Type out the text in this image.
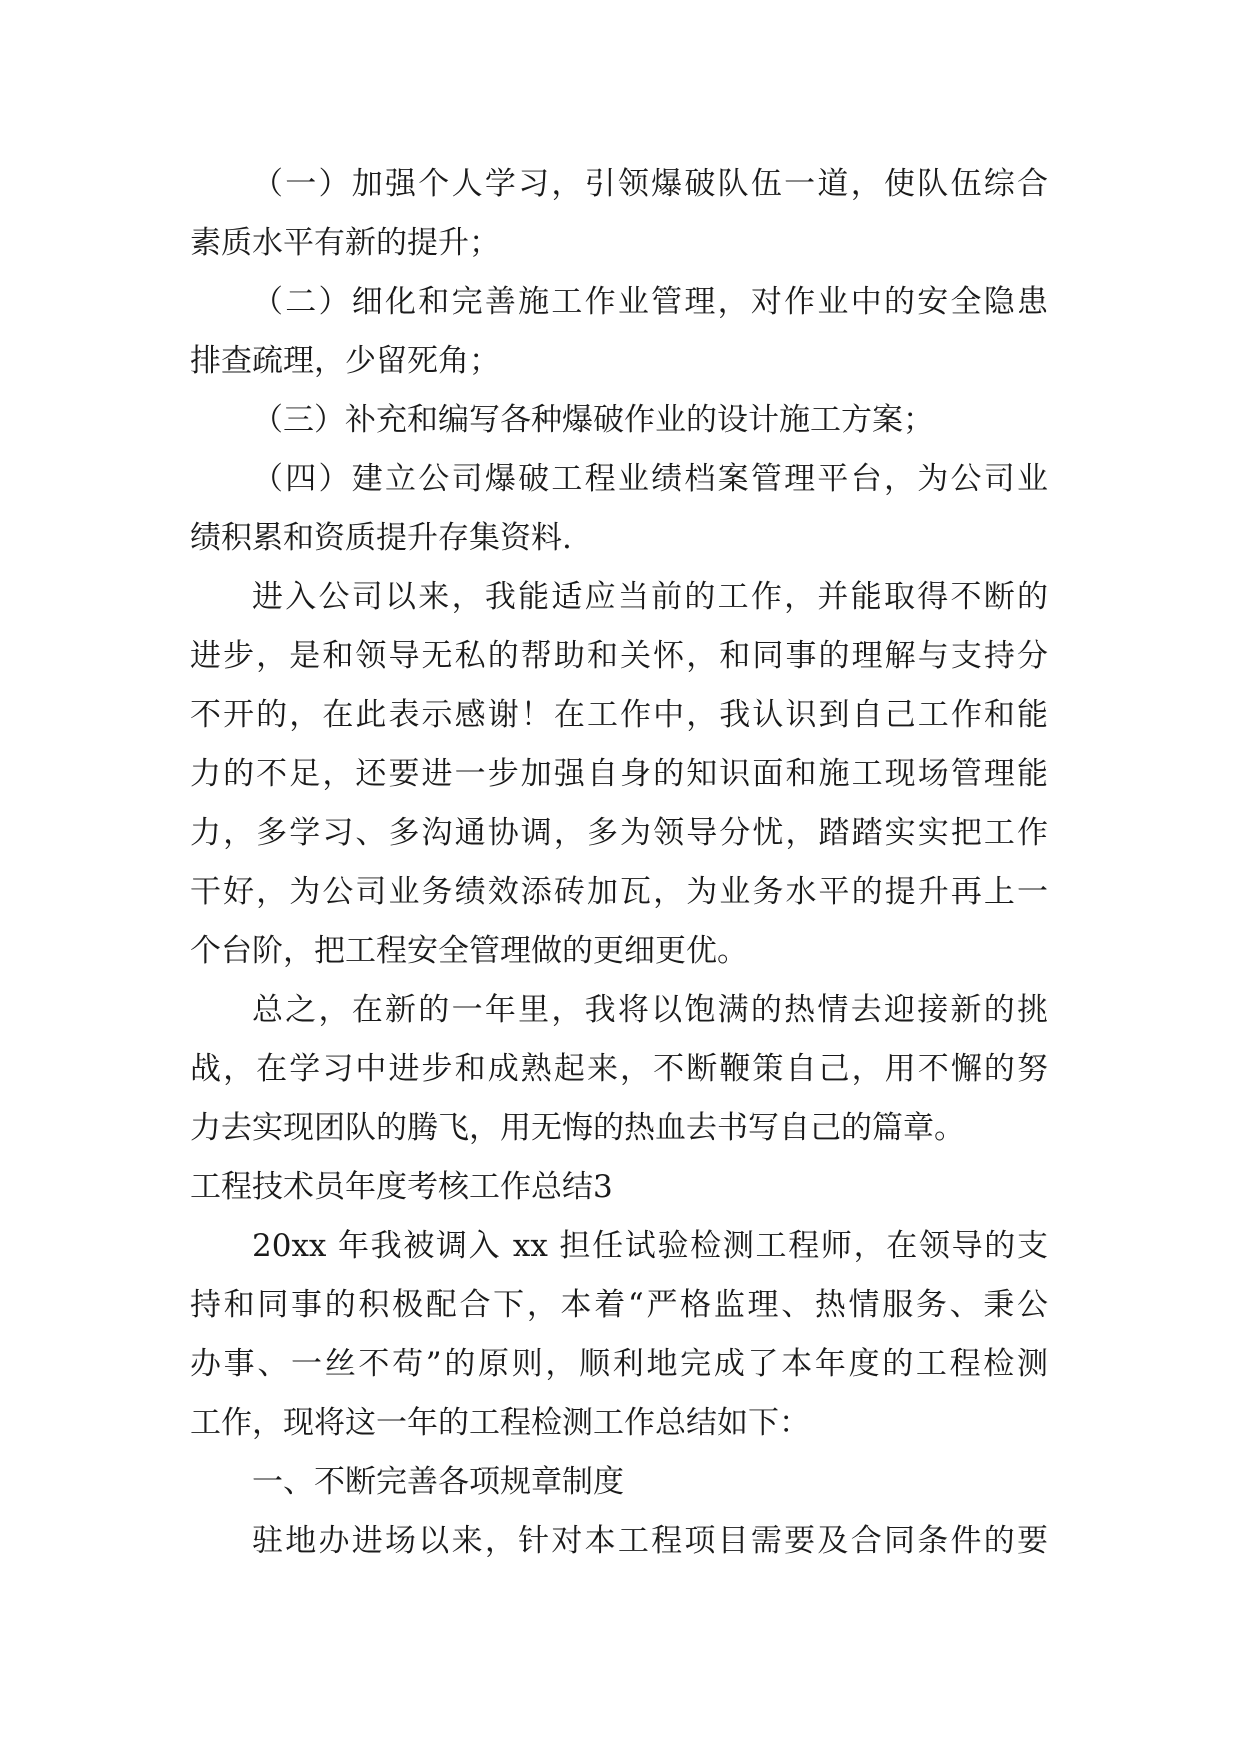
（一）加强个人学习，引领爆破队伍一道，使队伍综合
素质水平有新的提升；
（二）细化和完善施工作业管理，对作业中的安全隐患
排查疏理，少留死角；
（三）补充和编写各种爆破作业的设计施工方案；
（四）建立公司爆破工程业绩档案管理平台，为公司业
绩积累和资质提升存集资料.
进入公司以来，我能适应当前的工作，并能取得不断的
进步，是和领导无私的帮助和关怀，和同事的理解与支持分
不开的，在此表示感谢！在工作中，我认识到自己工作和能
力的不足，还要进一步加强自身的知识面和施工现场管理能
力，多学习、多沟通协调，多为领导分忧，踏踏实实把工作
干好，为公司业务绩效添砖加瓦，为业务水平的提升再上一
个台阶，把工程安全管理做的更细更优。
总之，在新的一年里，我将以饱满的热情去迎接新的挑
战，在学习中进步和成熟起来，不断鞭策自己，用不懈的努
力去实现团队的腾飞，用无悔的热血去书写自己的篇章。
工程技术员年度考核工作总结3
20xx 年我被调入 xx 担任试验检测工程师，在领导的支
持和同事的积极配合下，本着“严格监理、热情服务、秉公
办事、一丝不苟”的原则，顺利地完成了本年度的工程检测
工作，现将这一年的工程检测工作总结如下：
一、不断完善各项规章制度
驻地办进场以来，针对本工程项目需要及合同条件的要
